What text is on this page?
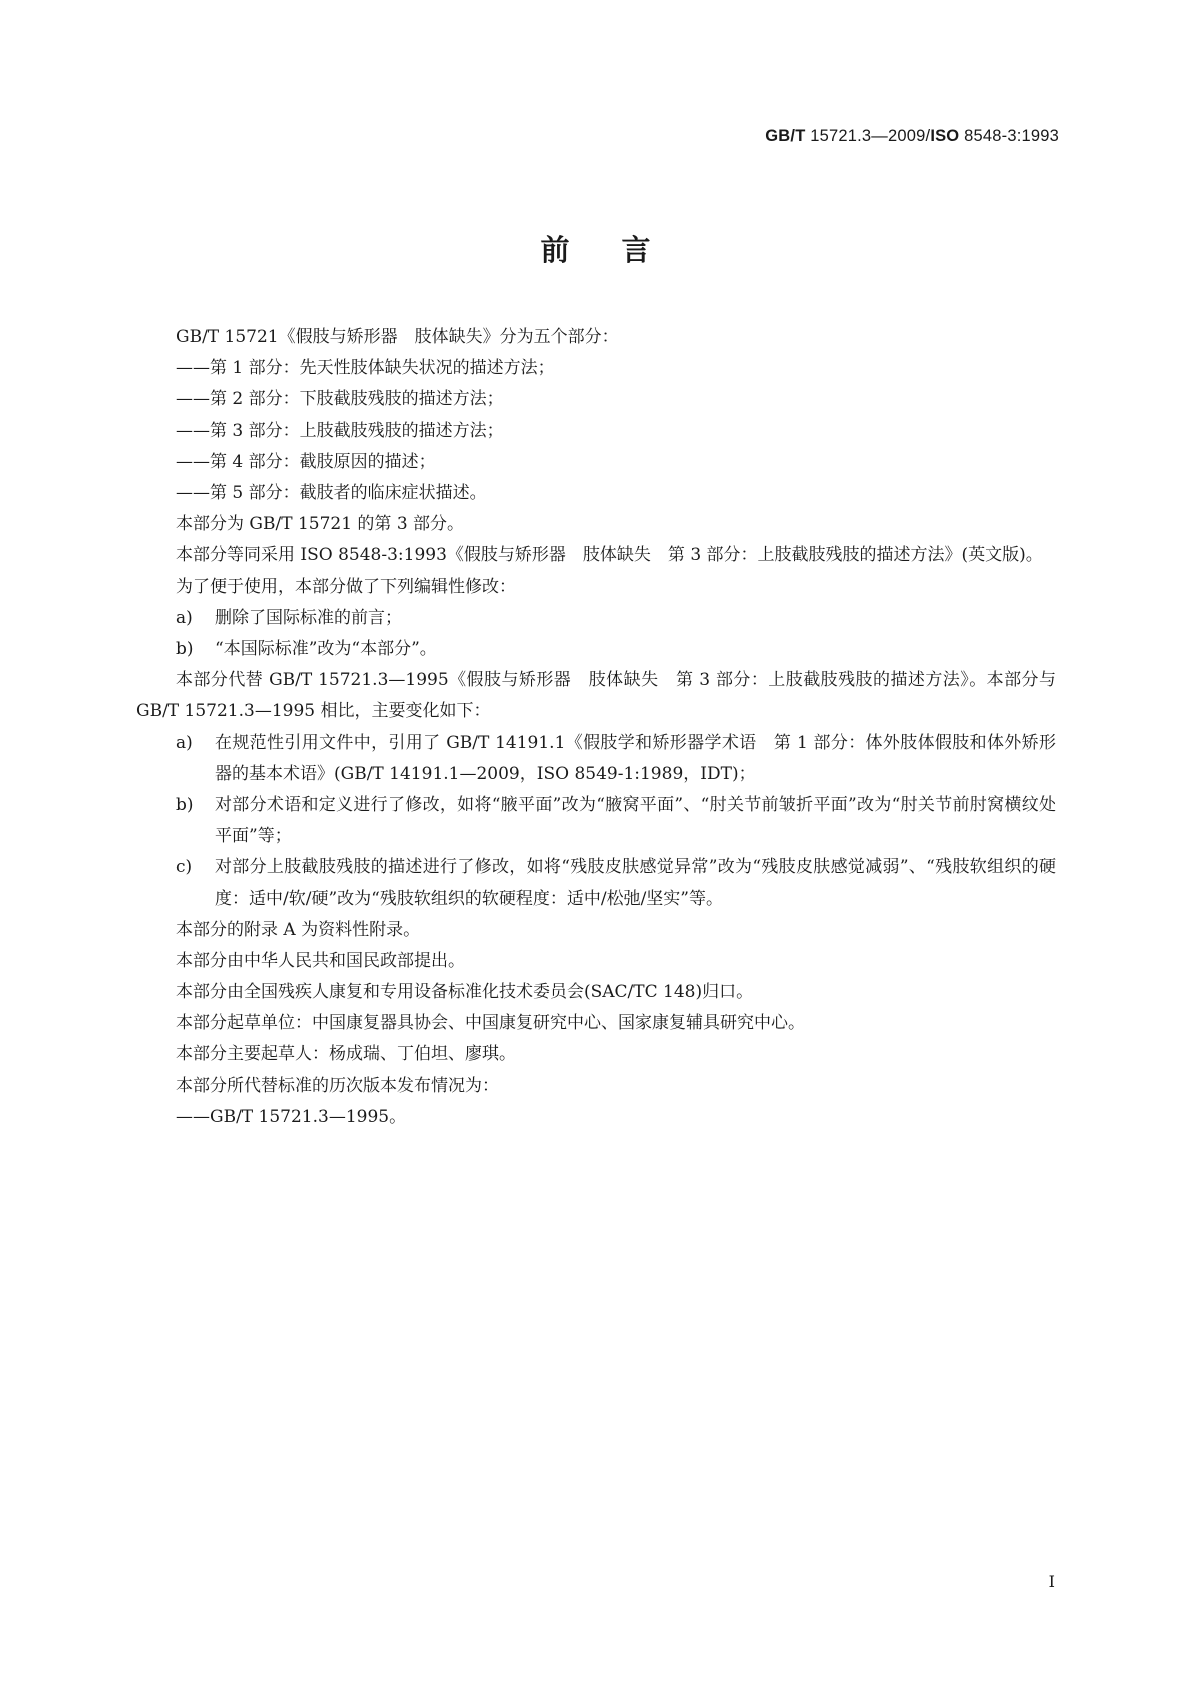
GB/T 15721.3—2009/ISO 8548-3:1993
前言
GB/T 15721《假肢与矫形器　肢体缺失》分为五个部分：
——第 1 部分：先天性肢体缺失状况的描述方法；
——第 2 部分：下肢截肢残肢的描述方法；
——第 3 部分：上肢截肢残肢的描述方法；
——第 4 部分：截肢原因的描述；
——第 5 部分：截肢者的临床症状描述。
本部分为 GB/T 15721 的第 3 部分。
本部分等同采用 ISO 8548-3:1993《假肢与矫形器　肢体缺失　第 3 部分：上肢截肢残肢的描述方法》(英文版)。
为了便于使用，本部分做了下列编辑性修改：
a) 删除了国际标准的前言；
b) “本国际标准”改为“本部分”。
本部分代替 GB/T 15721.3—1995《假肢与矫形器　肢体缺失　第 3 部分：上肢截肢残肢的描述方法》。本部分与 GB/T 15721.3—1995 相比，主要变化如下：
a) 在规范性引用文件中，引用了 GB/T 14191.1《假肢学和矫形器学术语　第 1 部分：体外肢体假肢和体外矫形器的基本术语》(GB/T 14191.1—2009，ISO 8549-1:1989，IDT)；
b) 对部分术语和定义进行了修改，如将“腋平面”改为“腋窝平面”、“肘关节前皱折平面”改为“肘关节前肘窝横纹处平面”等；
c) 对部分上肢截肢残肢的描述进行了修改，如将“残肢皮肤感觉异常”改为“残肢皮肤感觉减弱”、“残肢软组织的硬度：适中/软/硬”改为“残肢软组织的软硬程度：适中/松弛/坚实”等。
本部分的附录 A 为资料性附录。
本部分由中华人民共和国民政部提出。
本部分由全国残疾人康复和专用设备标准化技术委员会(SAC/TC 148)归口。
本部分起草单位：中国康复器具协会、中国康复研究中心、国家康复辅具研究中心。
本部分主要起草人：杨成瑞、丁伯坦、廖琪。
本部分所代替标准的历次版本发布情况为：
——GB/T 15721.3—1995。
I
